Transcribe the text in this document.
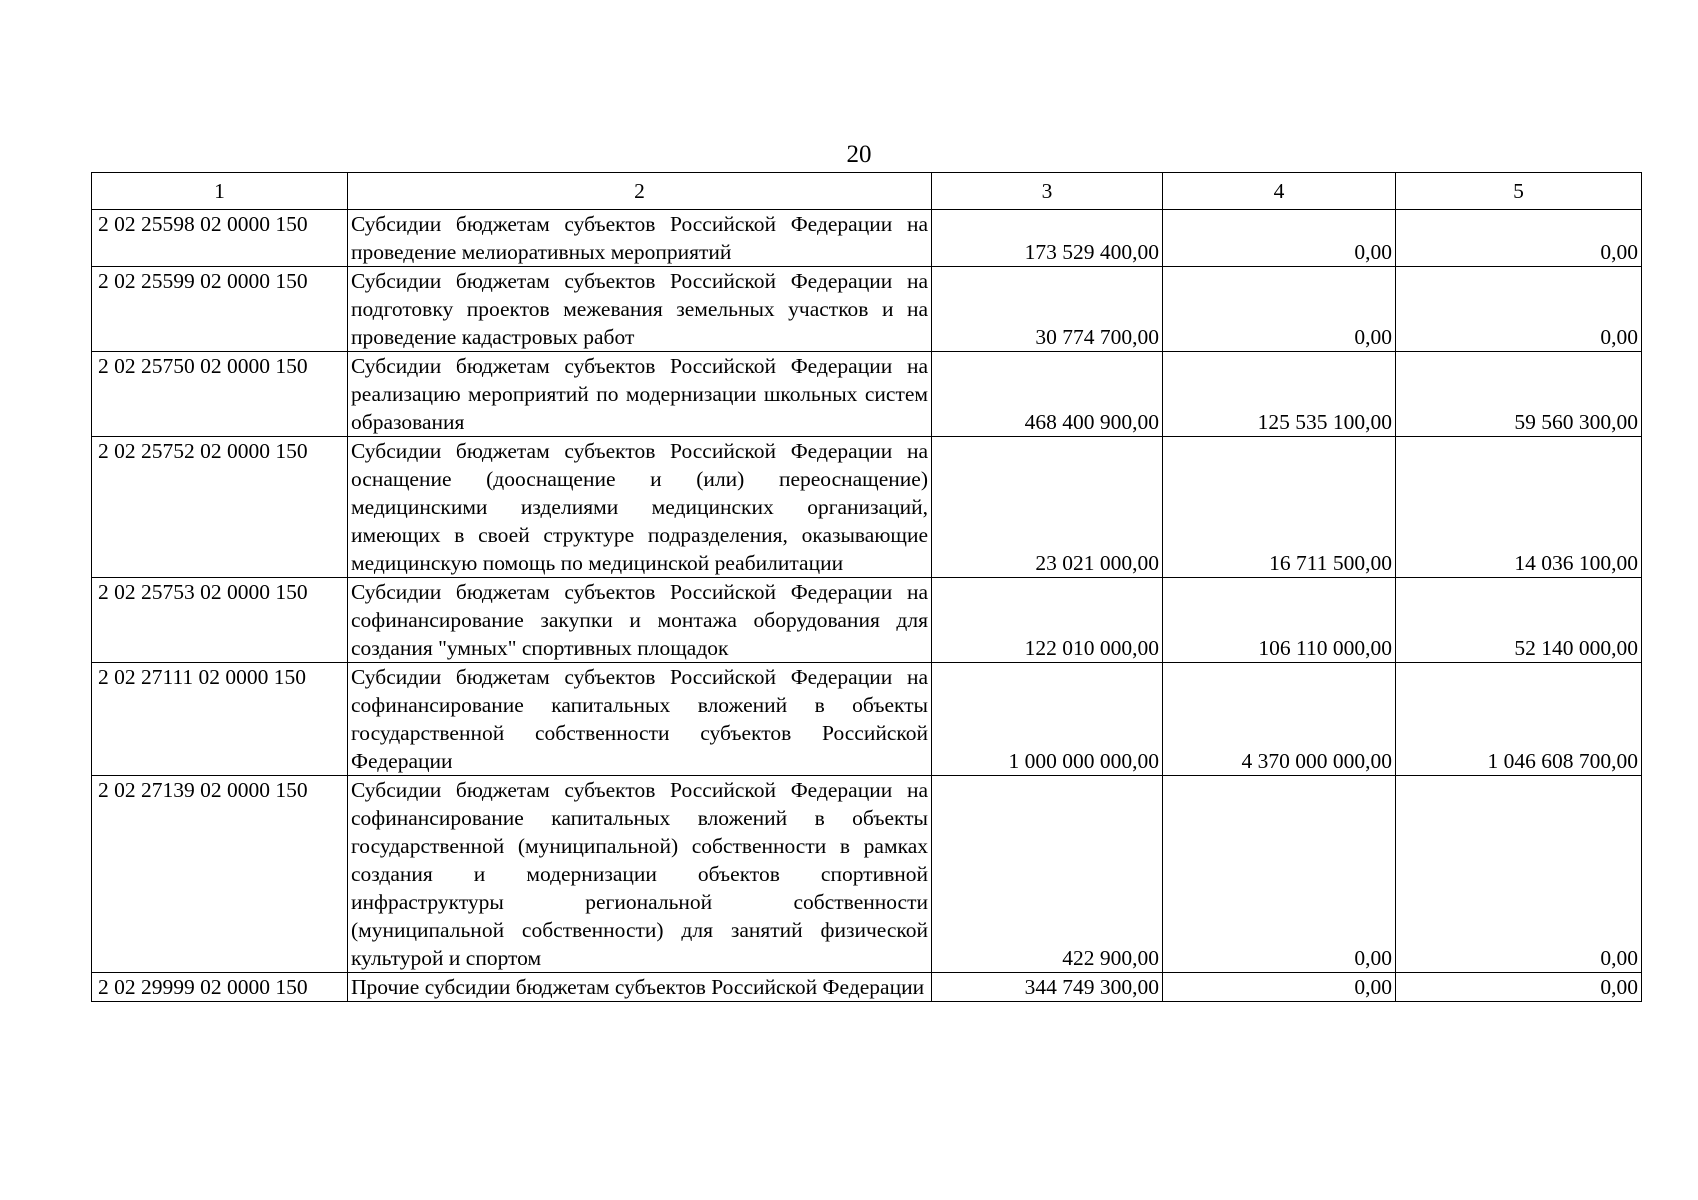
20
1	2	3	4	5
2 02 25598 02 0000 150	Субсидии бюджетам субъектов Российской Федерации на проведение мелиоративных мероприятий	173 529 400,00	0,00	0,00
2 02 25599 02 0000 150	Субсидии бюджетам субъектов Российской Федерации на подготовку проектов межевания земельных участков и на проведение кадастровых работ	30 774 700,00	0,00	0,00
2 02 25750 02 0000 150	Субсидии бюджетам субъектов Российской Федерации на реализацию мероприятий по модернизации школьных систем образования	468 400 900,00	125 535 100,00	59 560 300,00
2 02 25752 02 0000 150	Субсидии бюджетам субъектов Российской Федерации на оснащение (дооснащение и (или) переоснащение) медицинскими изделиями медицинских организаций, имеющих в своей структуре подразделения, оказывающие медицинскую помощь по медицинской реабилитации	23 021 000,00	16 711 500,00	14 036 100,00
2 02 25753 02 0000 150	Субсидии бюджетам субъектов Российской Федерации на софинансирование закупки и монтажа оборудования для создания "умных" спортивных площадок	122 010 000,00	106 110 000,00	52 140 000,00
2 02 27111 02 0000 150	Субсидии бюджетам субъектов Российской Федерации на софинансирование капитальных вложений в объекты государственной собственности субъектов Российской Федерации	1 000 000 000,00	4 370 000 000,00	1 046 608 700,00
2 02 27139 02 0000 150	Субсидии бюджетам субъектов Российской Федерации на софинансирование капитальных вложений в объекты государственной (муниципальной) собственности в рамках создания и модернизации объектов спортивной инфраструктуры региональной собственности (муниципальной собственности) для занятий физической культурой и спортом	422 900,00	0,00	0,00
2 02 29999 02 0000 150	Прочие субсидии бюджетам субъектов Российской Федерации	344 749 300,00	0,00	0,00
